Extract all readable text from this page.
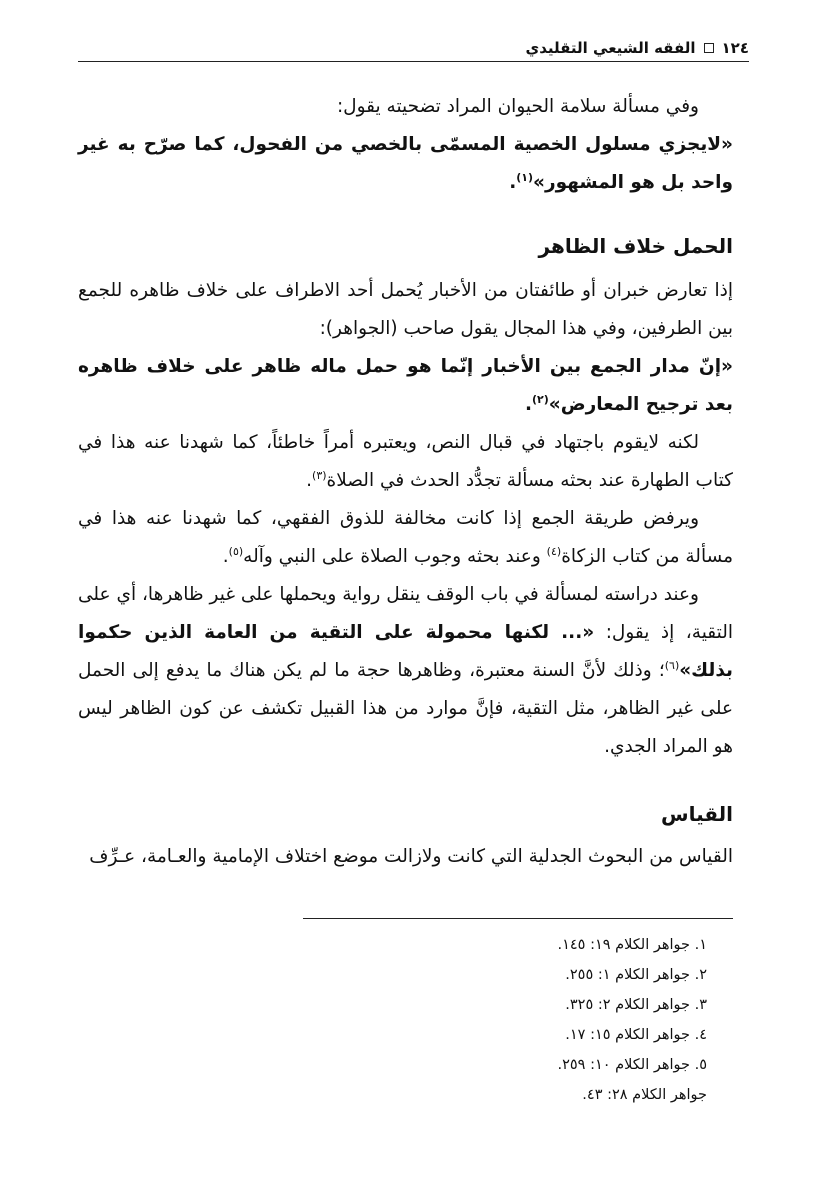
١٢٤
الفقه الشيعي التقليدي

وفي مسألة سلامة الحيوان المراد تضحيته يقول:

«لايجزي مسلول الخصية المسمّى بالخصي من الفحول، كما صرّح به غير واحد بل هو المشهور»$^{(١)}$.

الحمل خلاف الظاهر

إذا تعارض خبران أو طائفتان من الأخبار يُحمل أحد الاطراف على خلاف ظاهره للجمع بين الطرفين، وفي هذا المجال يقول صاحب (الجواهر):

«إنّ مدار الجمع بين الأخبار إنّما هو حمل ماله ظاهر على خلاف ظاهره بعد ترجيح المعارض»$^{(٢)}$.

لكنه لايقوم باجتهاد في قبال النص، ويعتبره أمراً خاطئاً، كما شهدنا عنه هذا في كتاب الطهارة عند بحثه مسألة تجدُّد الحدث في الصلاة$^{(٣)}$.

ويرفض طريقة الجمع إذا كانت مخالفة للذوق الفقهي، كما شهدنا عنه هذا في مسألة من كتاب الزكاة$^{(٤)}$ وعند بحثه وجوب الصلاة على النبي وآله$^{(٥)}$.

وعند دراسته لمسألة في باب الوقف ينقل رواية ويحملها على غير ظاهرها، أي على التقية، إذ يقول: «... لكنها محمولة على التقية من العامة الذين حكموا بذلك»$^{(٦)}$؛ وذلك لأنَّ السنة معتبرة، وظاهرها حجة ما لم يكن هناك ما يدفع إلى الحمل على غير الظاهر، مثل التقية، فإنَّ موارد من هذا القبيل تكشف عن كون الظاهر ليس هو المراد الجدي.

القياس

القياس من البحوث الجدلية التي كانت ولازالت موضع اختلاف الإمامية والعـامة، عـرِّف

١. جواهر الكلام ١٩: ١٤٥.
٢. جواهر الكلام ١: ٢٥٥.
٣. جواهر الكلام ٢: ٣٢٥.
٤. جواهر الكلام ١٥: ١٧.
٥. جواهر الكلام ١٠: ٢٥٩.
جواهر الكلام ٢٨: ٤٣.
